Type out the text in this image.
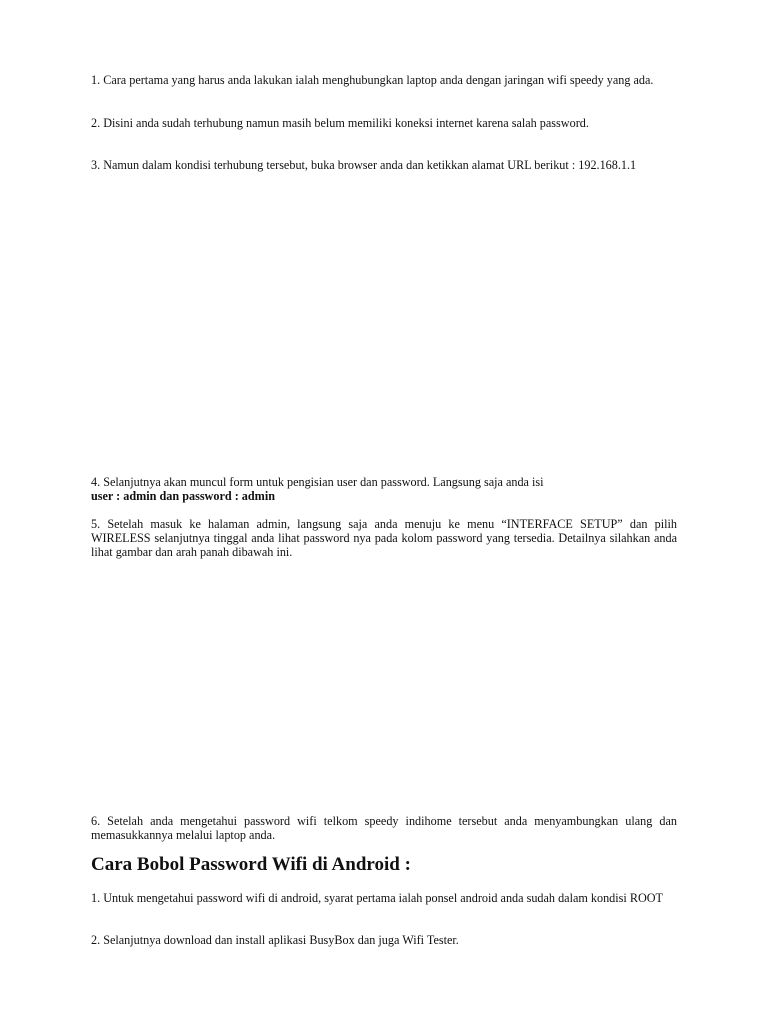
1. Cara pertama yang harus anda lakukan ialah menghubungkan laptop anda dengan jaringan wifi speedy yang ada.

2. Disini anda sudah terhubung namun masih belum memiliki koneksi internet karena salah password.

3. Namun dalam kondisi terhubung tersebut, buka browser anda dan ketikkan alamat URL berikut : 192.168.1.1

4. Selanjutnya akan muncul form untuk pengisian user dan password. Langsung saja anda isi
user : admin dan password : admin

5. Setelah masuk ke halaman admin, langsung saja anda menuju ke menu “INTERFACE SETUP” dan pilih WIRELESS selanjutnya tinggal anda lihat password nya pada kolom password yang tersedia. Detailnya silahkan anda lihat gambar dan arah panah dibawah ini.

6. Setelah anda mengetahui password wifi telkom speedy indihome tersebut anda menyambungkan ulang dan memasukkannya melalui laptop anda.

Cara Bobol Password Wifi di Android :

1. Untuk mengetahui password wifi di android, syarat pertama ialah ponsel android anda sudah dalam kondisi ROOT

2. Selanjutnya download dan install aplikasi BusyBox dan juga Wifi Tester.
